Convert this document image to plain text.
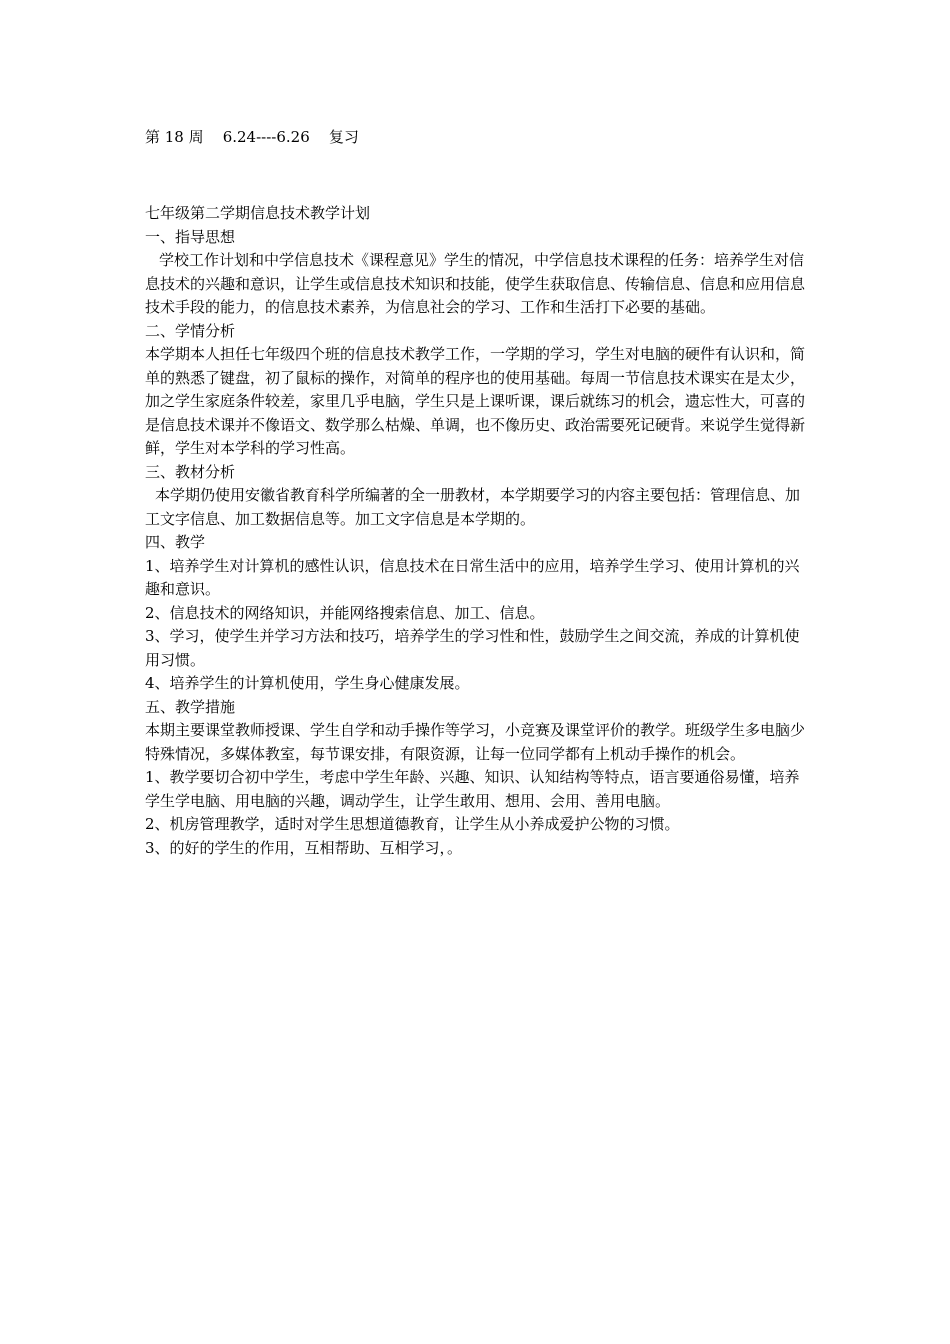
第 18 周    6.24----6.26    复习

七年级第二学期信息技术教学计划

一、指导思想

学校工作计划和中学信息技术《课程意见》学生的情况，中学信息技术课程的任务：培养学生对信息技术的兴趣和意识，让学生或信息技术知识和技能，使学生获取信息、传输信息、信息和应用信息技术手段的能力，的信息技术素养，为信息社会的学习、工作和生活打下必要的基础。

二、学情分析

本学期本人担任七年级四个班的信息技术教学工作，一学期的学习，学生对电脑的硬件有认识和，简单的熟悉了键盘，初了鼠标的操作，对简单的程序也的使用基础。每周一节信息技术课实在是太少，加之学生家庭条件较差，家里几乎电脑，学生只是上课听课，课后就练习的机会，遗忘性大，可喜的是信息技术课并不像语文、数学那么枯燥、单调，也不像历史、政治需要死记硬背。来说学生觉得新鲜，学生对本学科的学习性高。

三、教材分析

本学期仍使用安徽省教育科学所编著的全一册教材，本学期要学习的内容主要包括：管理信息、加工文字信息、加工数据信息等。加工文字信息是本学期的。

四、教学

1、培养学生对计算机的感性认识，信息技术在日常生活中的应用，培养学生学习、使用计算机的兴趣和意识。

2、信息技术的网络知识，并能网络搜索信息、加工、信息。

3、学习，使学生并学习方法和技巧，培养学生的学习性和性，鼓励学生之间交流，养成的计算机使用习惯。

4、培养学生的计算机使用，学生身心健康发展。

五、教学措施

本期主要课堂教师授课、学生自学和动手操作等学习，小竞赛及课堂评价的教学。班级学生多电脑少特殊情况，多媒体教室，每节课安排，有限资源，让每一位同学都有上机动手操作的机会。

1、教学要切合初中学生，考虑中学生年龄、兴趣、知识、认知结构等特点，语言要通俗易懂，培养学生学电脑、用电脑的兴趣，调动学生，让学生敢用、想用、会用、善用电脑。

2、机房管理教学，适时对学生思想道德教育，让学生从小养成爱护公物的习惯。

3、的好的学生的作用，互相帮助、互相学习，。
